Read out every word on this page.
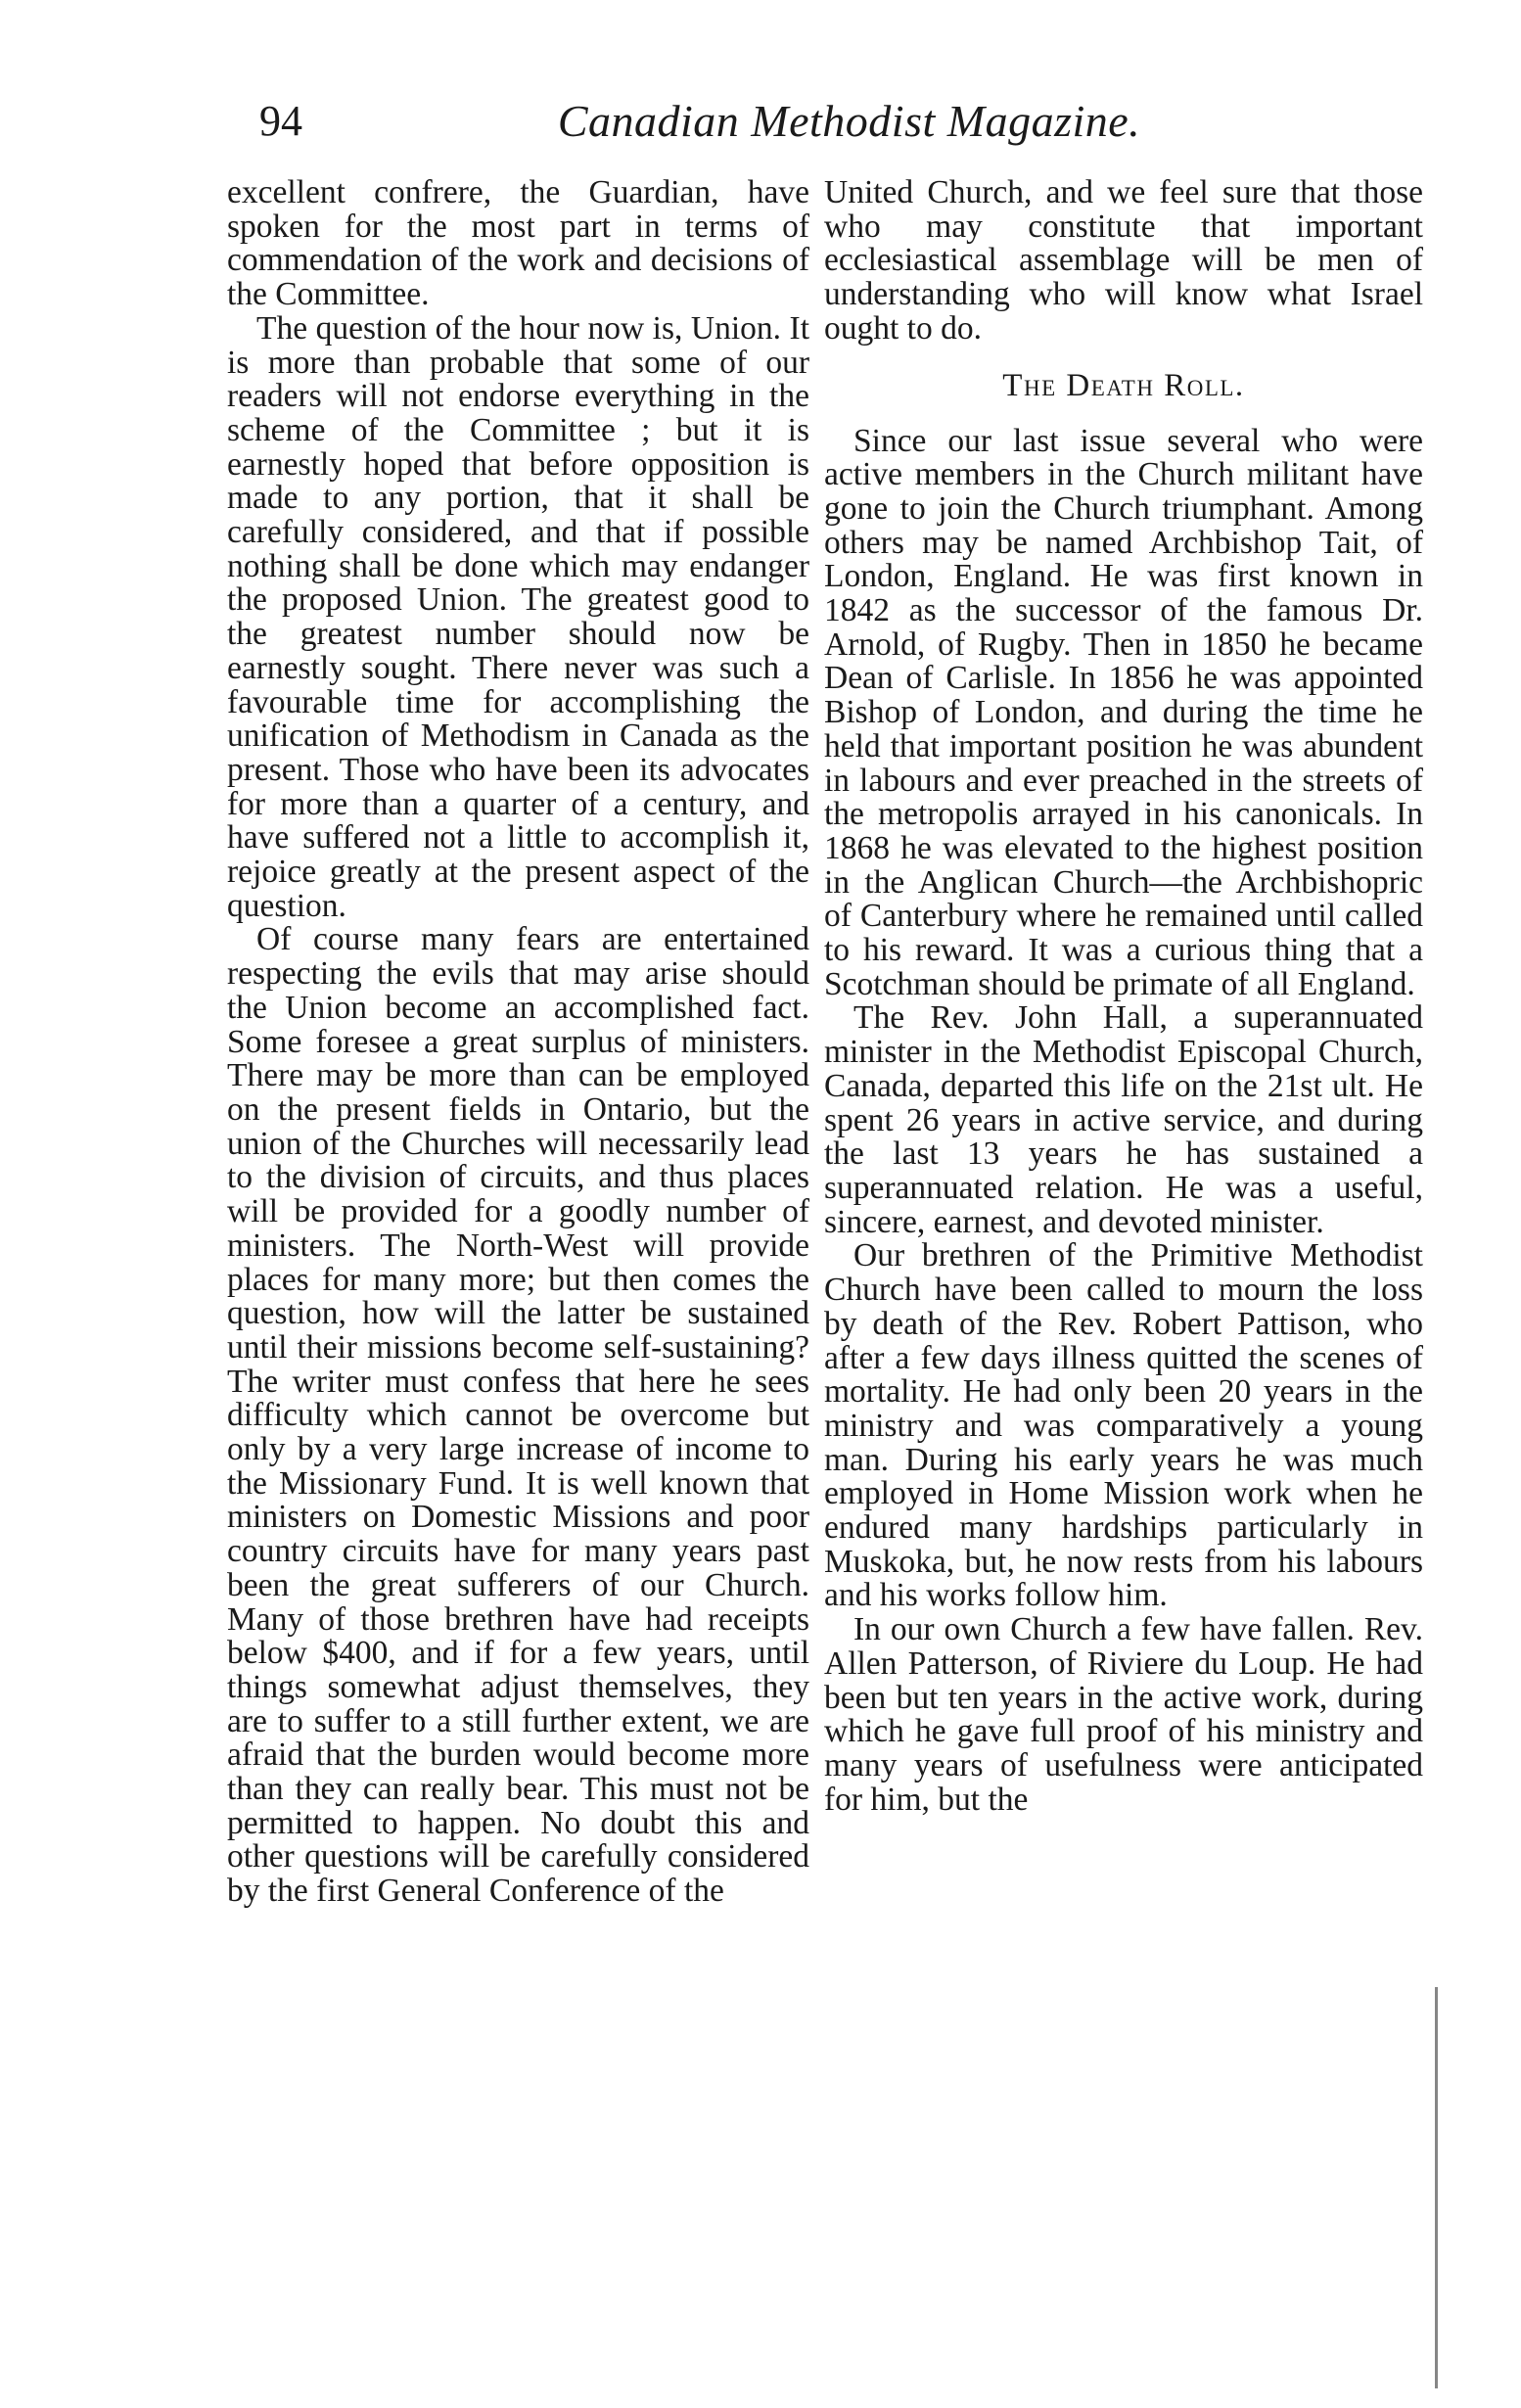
94	Canadian Methodist Magazine.

excellent confrere, the Guardian, have spoken for the most part in terms of commendation of the work and decisions of the Committee.

The question of the hour now is, Union. It is more than probable that some of our readers will not endorse everything in the scheme of the Committee ; but it is earnestly hoped that before opposition is made to any portion, that it shall be carefully considered, and that if possible nothing shall be done which may endanger the proposed Union. The greatest good to the greatest number should now be earnestly sought. There never was such a favourable time for accomplishing the unification of Methodism in Canada as the present. Those who have been its advocates for more than a quarter of a century, and have suffered not a little to accomplish it, rejoice greatly at the present aspect of the question.

Of course many fears are entertained respecting the evils that may arise should the Union become an accomplished fact. Some foresee a great surplus of ministers. There may be more than can be employed on the present fields in Ontario, but the union of the Churches will necessarily lead to the division of circuits, and thus places will be provided for a goodly number of ministers. The North-West will provide places for many more; but then comes the question, how will the latter be sustained until their missions become self-sustaining? The writer must confess that here he sees difficulty which cannot be overcome but only by a very large increase of income to the Missionary Fund. It is well known that ministers on Domestic Missions and poor country circuits have for many years past been the great sufferers of our Church. Many of those brethren have had receipts below $400, and if for a few years, until things somewhat adjust themselves, they are to suffer to a still further extent, we are afraid that the burden would become more than they can really bear. This must not be permitted to happen. No doubt this and other questions will be carefully considered by the first General Conference of the

United Church, and we feel sure that those who may constitute that important ecclesiastical assemblage will be men of understanding who will know what Israel ought to do.

The Death Roll.

Since our last issue several who were active members in the Church militant have gone to join the Church triumphant. Among others may be named Archbishop Tait, of London, England. He was first known in 1842 as the successor of the famous Dr. Arnold, of Rugby. Then in 1850 he became Dean of Carlisle. In 1856 he was appointed Bishop of London, and during the time he held that important position he was abundent in labours and ever preached in the streets of the metropolis arrayed in his canonicals. In 1868 he was elevated to the highest position in the Anglican Church—the Archbishopric of Canterbury where he remained until called to his reward. It was a curious thing that a Scotchman should be primate of all England.

The Rev. John Hall, a superannuated minister in the Methodist Episcopal Church, Canada, departed this life on the 21st ult. He spent 26 years in active service, and during the last 13 years he has sustained a superannuated relation. He was a useful, sincere, earnest, and devoted minister.

Our brethren of the Primitive Methodist Church have been called to mourn the loss by death of the Rev. Robert Pattison, who after a few days illness quitted the scenes of mortality. He had only been 20 years in the ministry and was comparatively a young man. During his early years he was much employed in Home Mission work when he endured many hardships particularly in Muskoka, but, he now rests from his labours and his works follow him.

In our own Church a few have fallen. Rev. Allen Patterson, of Riviere du Loup. He had been but ten years in the active work, during which he gave full proof of his ministry and many years of usefulness were anticipated for him, but the
